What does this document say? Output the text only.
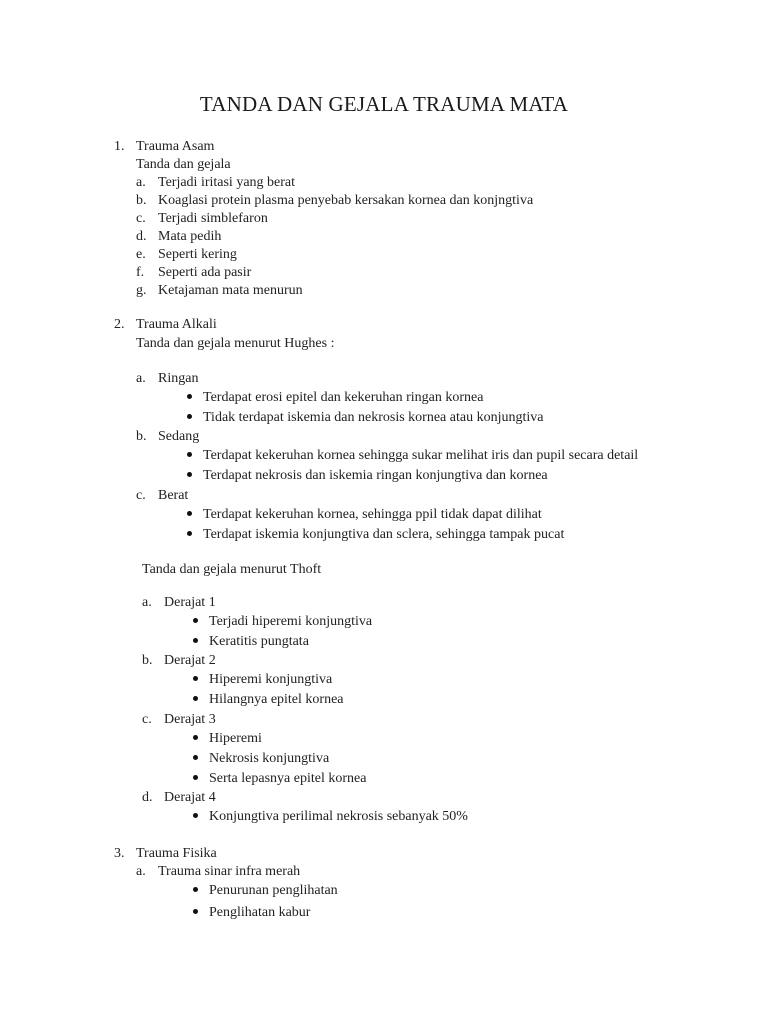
TANDA DAN GEJALA TRAUMA MATA
1. Trauma Asam
Tanda dan gejala
a. Terjadi iritasi yang berat
b. Koaglasi protein plasma penyebab kersakan kornea dan konjngtiva
c. Terjadi simblefaron
d. Mata pedih
e. Seperti kering
f. Seperti ada pasir
g. Ketajaman mata menurun
2. Trauma Alkali
Tanda dan gejala menurut Hughes :
a. Ringan
Terdapat erosi epitel dan kekeruhan ringan kornea
Tidak terdapat iskemia dan nekrosis kornea atau konjungtiva
b. Sedang
Terdapat kekeruhan kornea sehingga sukar melihat iris dan pupil secara detail
Terdapat nekrosis dan iskemia ringan konjungtiva dan kornea
c. Berat
Terdapat kekeruhan kornea, sehingga ppil tidak dapat dilihat
Terdapat iskemia konjungtiva dan sclera, sehingga tampak pucat
Tanda dan gejala menurut Thoft
a. Derajat 1
Terjadi hiperemi konjungtiva
Keratitis pungtata
b. Derajat 2
Hiperemi konjungtiva
Hilangnya epitel kornea
c. Derajat 3
Hiperemi
Nekrosis konjungtiva
Serta lepasnya epitel kornea
d. Derajat 4
Konjungtiva perilimal nekrosis sebanyak 50%
3. Trauma Fisika
a. Trauma sinar infra merah
Penurunan penglihatan
Penglihatan kabur
